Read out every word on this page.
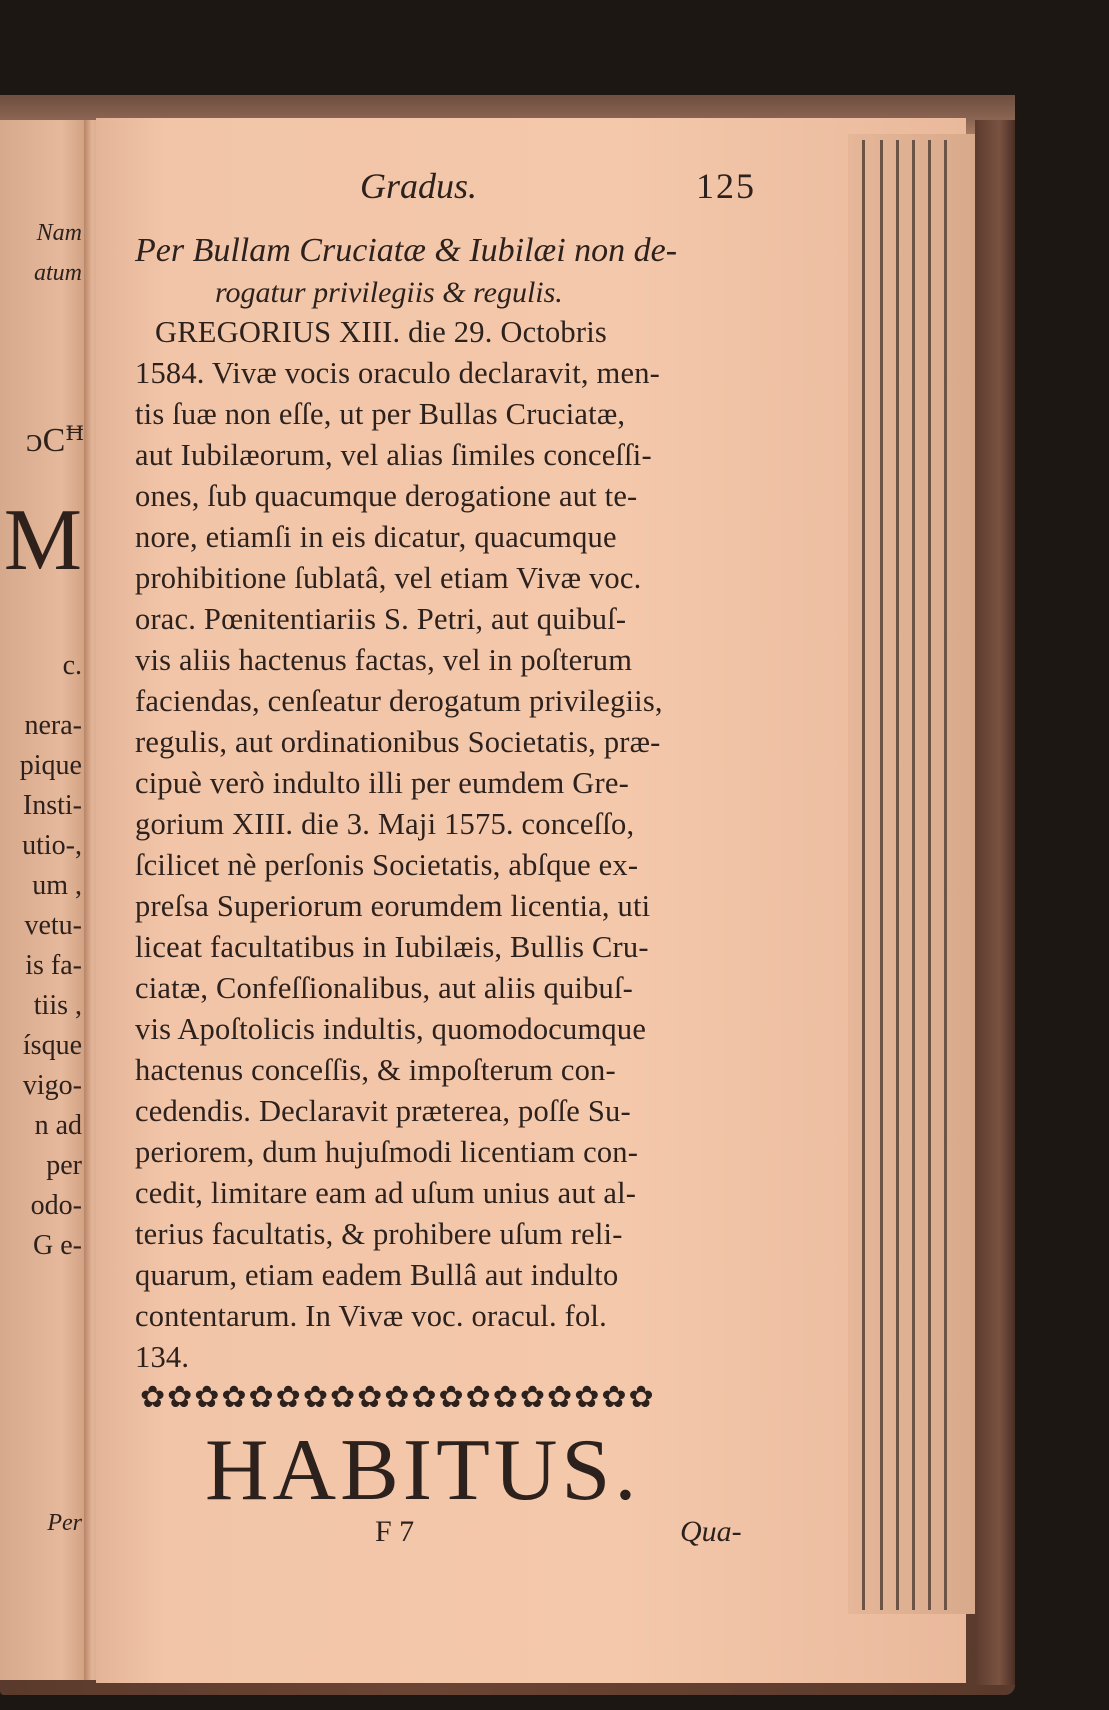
Nam
atum
ᴐCꟸ
M
c.
nera-
pique
Insti-
utio-,
um ,
vetu-
is fa-
tiis ,
ísque
vigo-
n ad
per
odo-
G e-
Per
Gradus.	125
Per Bullam Cruciatæ & Iubilæi non de-
rogatur privilegiis & regulis.
GREGORIUS XIII. die 29. Octobris
1584. Vivæ vocis oraculo declaravit, men-
tis ſuæ non eſſe, ut per Bullas Cruciatæ,
aut Iubilæorum, vel alias ſimiles conceſſi-
ones, ſub quacumque derogatione aut te-
nore, etiamſi in eis dicatur, quacumque
prohibitione ſublatâ, vel etiam Vivæ voc.
orac. Pœnitentiariis S. Petri, aut quibuſ-
vis aliis hactenus factas, vel in poſterum
faciendas, cenſeatur derogatum privilegiis,
regulis, aut ordinationibus Societatis, præ-
cipuè verò indulto illi per eumdem Gre-
gorium XIII. die 3. Maji 1575. conceſſo,
ſcilicet nè perſonis Societatis, abſque ex-
preſsa Superiorum eorumdem licentia, uti
liceat facultatibus in Iubilæis, Bullis Cru-
ciatæ, Confeſſionalibus, aut aliis quibuſ-
vis Apoſtolicis indultis, quomodocumque
hactenus conceſſis, & impoſterum con-
cedendis. Declaravit præterea, poſſe Su-
periorem, dum hujuſmodi licentiam con-
cedit, limitare eam ad uſum unius aut al-
terius facultatis, & prohibere uſum reli-
quarum, etiam eadem Bullâ aut indulto
contentarum. In Vivæ voc. oracul. fol.
134.
✿✿✿✿✿✿✿✿✿✿✿✿✿✿✿✿✿✿✿
HABITUS.
F 7	Qua-
